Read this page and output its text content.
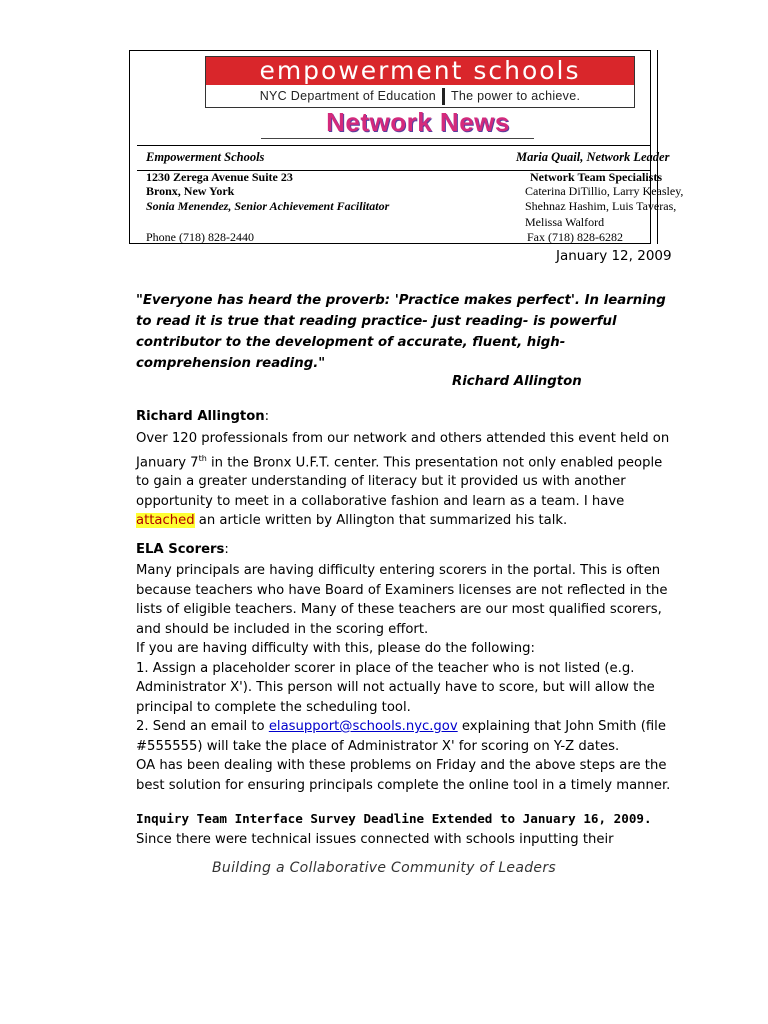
empowerment schools
NYC Department of Education The power to achieve.
Network News
Empowerment Schools	Maria Quail, Network Leader
1230 Zerega Avenue Suite 23
Bronx, New York
Sonia Menendez, Senior Achievement Facilitator
Phone (718) 828-2440
Network Team Specialists
Caterina DiTillio, Larry Keasley,
Shehnaz Hashim, Luis Taveras,
Melissa Walford
Fax (718) 828-6282
January 12, 2009
"Everyone has heard the proverb: 'Practice makes perfect'. In learning to read it is true that reading practice- just reading- is powerful contributor to the development of accurate, fluent, high-comprehension reading."
Richard Allington
Richard Allington:

Over 120 professionals from our network and others attended this event held on January 7th in the Bronx U.F.T. center. This presentation not only enabled people to gain a greater understanding of literacy but it provided us with another opportunity to meet in a collaborative fashion and learn as a team. I have attached an article written by Allington that summarized his talk.

ELA Scorers:

Many principals are having difficulty entering scorers in the portal. This is often because teachers who have Board of Examiners licenses are not reflected in the lists of eligible teachers. Many of these teachers are our most qualified scorers, and should be included in the scoring effort.

If you are having difficulty with this, please do the following:

1. Assign a placeholder scorer in place of the teacher who is not listed (e.g. Administrator X'). This person will not actually have to score, but will allow the principal to complete the scheduling tool.

2. Send an email to elasupport@schools.nyc.gov explaining that John Smith (file #555555) will take the place of Administrator X' for scoring on Y-Z dates.

OA has been dealing with these problems on Friday and the above steps are the best solution for ensuring principals complete the online tool in a timely manner.

Inquiry Team Interface Survey Deadline Extended to January 16, 2009.
Since there were technical issues connected with schools inputting their
Building a Collaborative Community of Leaders
